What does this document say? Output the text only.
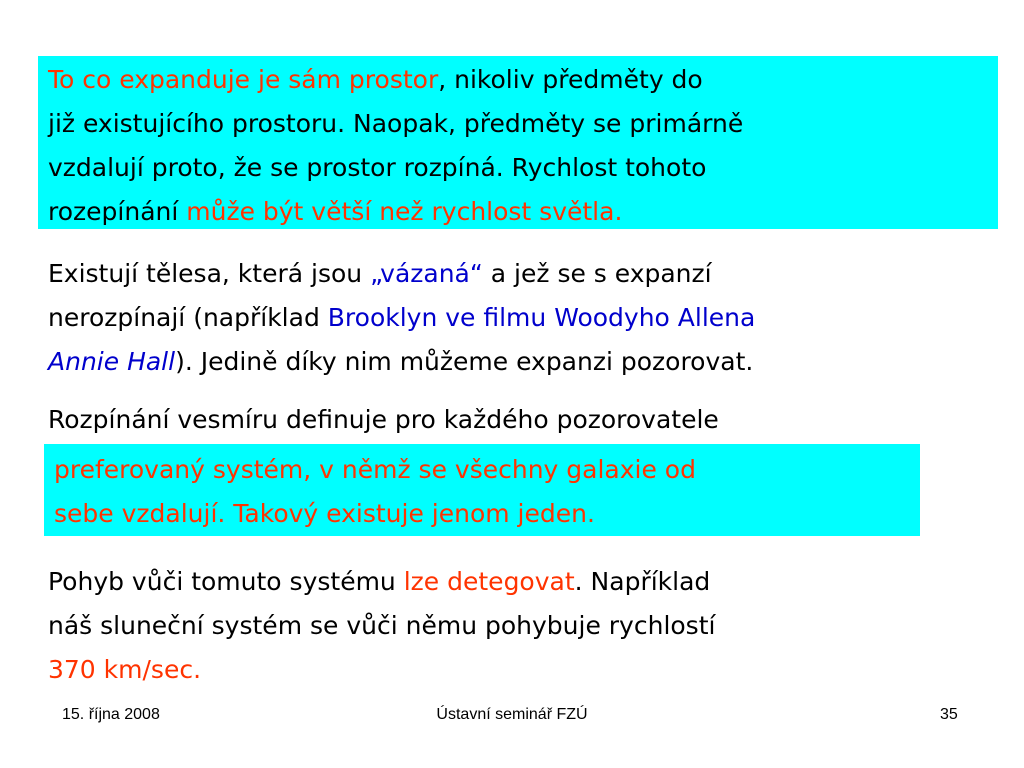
To co expanduje je sám prostor, nikoliv předměty do
již existujícího prostoru. Naopak, předměty se primárně
vzdalují proto, že se prostor rozpíná. Rychlost tohoto
rozepínání může být větší než rychlost světla.
Existují tělesa, která jsou „vázaná“ a jež se s expanzí
nerozpínají (například Brooklyn ve filmu Woodyho Allena
Annie Hall). Jedině díky nim můžeme expanzi pozorovat.
Rozpínání vesmíru definuje pro každého pozorovatele
preferovaný systém, v němž se všechny galaxie od
sebe vzdalují. Takový existuje jenom jeden.
Pohyb vůči tomuto systému lze detegovat. Například
náš sluneční systém se vůči němu pohybuje rychlostí
370 km/sec.
15. října 2008	Ústavní seminář FZÚ	35
